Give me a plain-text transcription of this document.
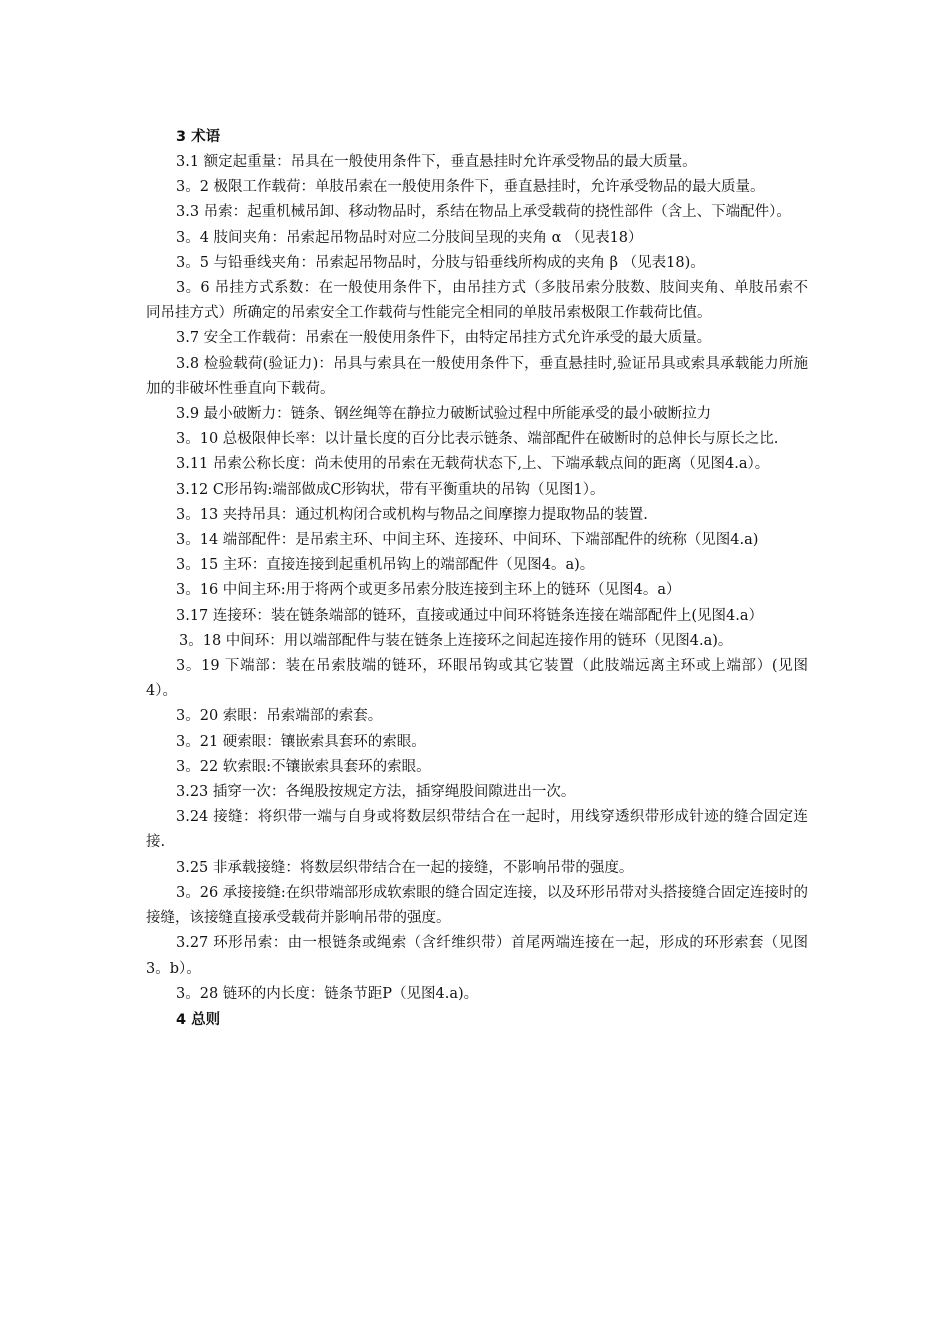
3 术语

3.1 额定起重量：吊具在一般使用条件下，垂直悬挂时允许承受物品的最大质量。

3。2 极限工作载荷：单肢吊索在一般使用条件下，垂直悬挂时，允许承受物品的最大质量。

3.3 吊索：起重机械吊卸、移动物品时，系结在物品上承受载荷的挠性部件（含上、下端配件）。

3。4 肢间夹角：吊索起吊物品时对应二分肢间呈现的夹角 α （见表18）

3。5 与铅垂线夹角：吊索起吊物品时，分肢与铅垂线所构成的夹角 β （见表18)。

3。6 吊挂方式系数：在一般使用条件下，由吊挂方式（多肢吊索分肢数、肢间夹角、单肢吊索不同吊挂方式）所确定的吊索安全工作载荷与性能完全相同的单肢吊索极限工作载荷比值。

3.7 安全工作载荷：吊索在一般使用条件下，由特定吊挂方式允许承受的最大质量。

3.8 检验载荷(验证力)：吊具与索具在一般使用条件下，垂直悬挂时,验证吊具或索具承载能力所施加的非破坏性垂直向下载荷。

3.9 最小破断力：链条、钢丝绳等在静拉力破断试验过程中所能承受的最小破断拉力

3。10 总极限伸长率：以计量长度的百分比表示链条、端部配件在破断时的总伸长与原长之比.

3.11 吊索公称长度：尚未使用的吊索在无载荷状态下,上、下端承载点间的距离（见图4.a）。

3.12 C形吊钩:端部做成C形钩状，带有平衡重块的吊钩（见图1）。

3。13 夹持吊具：通过机构闭合或机构与物品之间摩擦力提取物品的装置.

3。14 端部配件：是吊索主环、中间主环、连接环、中间环、下端部配件的统称（见图4.a)

3。15 主环：直接连接到起重机吊钩上的端部配件（见图4。a)。

3。16 中间主环:用于将两个或更多吊索分肢连接到主环上的链环（见图4。a）

3.17 连接环：装在链条端部的链环，直接或通过中间环将链条连接在端部配件上(见图4.a）

3。18 中间环：用以端部配件与装在链条上连接环之间起连接作用的链环（见图4.a)。

3。19 下端部：装在吊索肢端的链环，环眼吊钩或其它装置（此肢端远离主环或上端部）(见图4）。

3。20 索眼：吊索端部的索套。

3。21 硬索眼：镶嵌索具套环的索眼。

3。22 软索眼:不镶嵌索具套环的索眼。

3.23 插穿一次：各绳股按规定方法，插穿绳股间隙进出一次。

3.24 接缝：将织带一端与自身或将数层织带结合在一起时，用线穿透织带形成针迹的缝合固定连接.

3.25 非承载接缝：将数层织带结合在一起的接缝，不影响吊带的强度。

3。26 承接接缝:在织带端部形成软索眼的缝合固定连接，以及环形吊带对头搭接缝合固定连接时的接缝，该接缝直接承受载荷并影响吊带的强度。

3.27 环形吊索：由一根链条或绳索（含纤维织带）首尾两端连接在一起，形成的环形索套（见图3。b）。

3。28 链环的内长度：链条节距P（见图4.a)。

4 总则
